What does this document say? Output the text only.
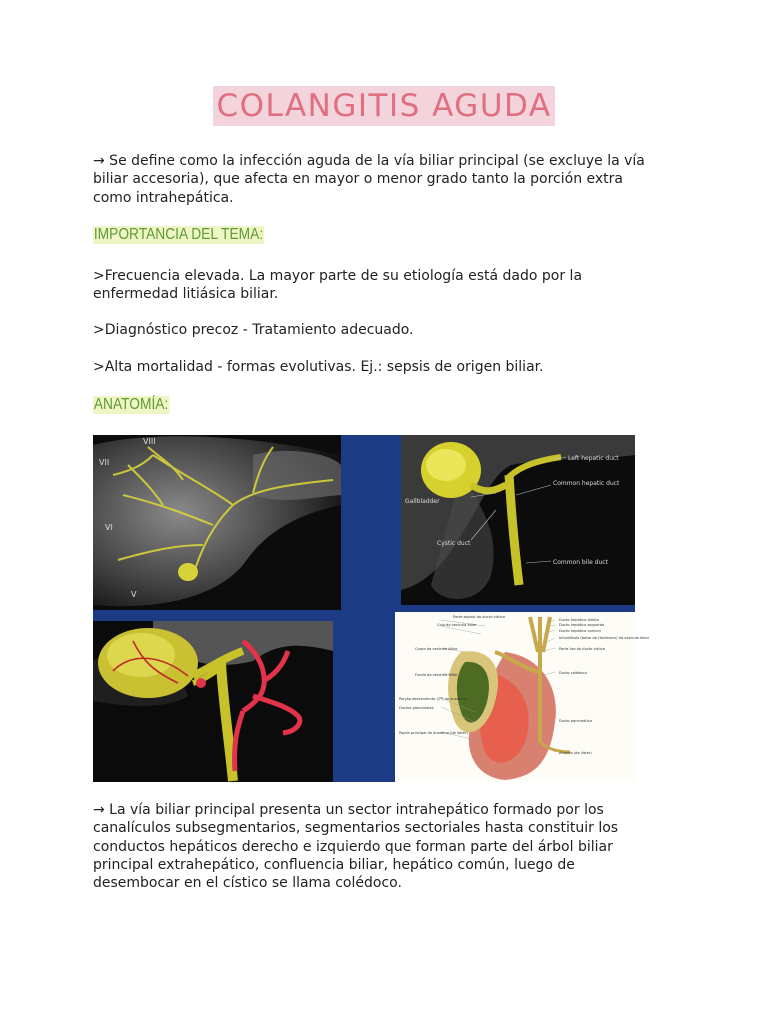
COLANGITIS AGUDA

→ Se define como la infección aguda de la vía biliar principal (se excluye la vía biliar accesoria), que afecta en mayor o menor grado tanto la porción extra como intrahepática.

IMPORTANCIA DEL TEMA:

>Frecuencia elevada. La mayor parte de su etiología está dado por la enfermedad litiásica biliar.

>Diagnóstico precoz - Tratamiento adecuado.

>Alta mortalidad - formas evolutivas. Ej.: sepsis de origen biliar.

ANATOMÍA:
VIII
VII
VI
V
Left hepatic duct
Common hepatic duct
Gallbladder
Cystic duct
Common bile duct
Parte espiral do ducto cístico
Colo da vesícula biliar
Ducto hepático direito
Ducto hepático esquerdo
Ducto hepático comum
Infundíbulo (bolsa de Hartmann) da vesícula biliar
Corpo da vesícula biliar	Parte lisa do ducto cístico
Fundo da vesícula biliar	Ducto colédoco
Porção descendente (2ª) do duodeno
Ductos glandulares
Ducto pancreático
Papila principal do duodeno (de Vater)
Ampola (de Vater)

→ La vía biliar principal presenta un sector intrahepático formado por los canalículos subsegmentarios, segmentarios sectoriales hasta constituir los conductos hepáticos derecho e izquierdo que forman parte del árbol biliar principal extrahepático, confluencia biliar, hepático común, luego de desembocar en el cístico se llama colédoco.
